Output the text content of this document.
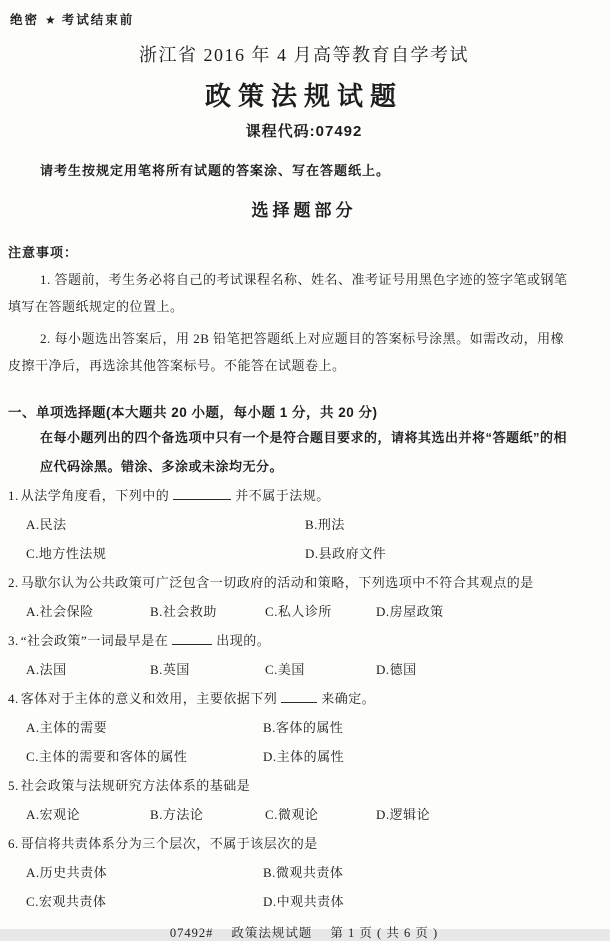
绝密 ★ 考试结束前
浙江省 2016 年 4 月高等教育自学考试
政策法规试题
课程代码:07492
请考生按规定用笔将所有试题的答案涂、写在答题纸上。
选择题部分
注意事项：
1. 答题前，考生务必将自己的考试课程名称、姓名、准考证号用黑色字迹的签字笔或钢笔
填写在答题纸规定的位置上。
2. 每小题选出答案后，用 2B 铅笔把答题纸上对应题目的答案标号涂黑。如需改动，用橡
皮擦干净后，再选涂其他答案标号。不能答在试题卷上。
一、单项选择题(本大题共 20 小题，每小题 1 分，共 20 分)
在每小题列出的四个备选项中只有一个是符合题目要求的，请将其选出并将“答题纸”的相
应代码涂黑。错涂、多涂或未涂均无分。
1. 从法学角度看，下列中的	并不属于法规。
A.民法	B.刑法
C.地方性法规	D.县政府文件
2. 马歇尔认为公共政策可广泛包含一切政府的活动和策略，下列选项中不符合其观点的是
A.社会保险	B.社会救助	C.私人诊所	D.房屋政策
3. “社会政策”一词最早是在	出现的。
A.法国	B.英国	C.美国	D.德国
4. 客体对于主体的意义和效用，主要依据下列	来确定。
A.主体的需要	B.客体的属性
C.主体的需要和客体的属性	D.主体的属性
5. 社会政策与法规研究方法体系的基础是
A.宏观论	B.方法论	C.微观论	D.逻辑论
6. 哥信将共责体系分为三个层次，不属于该层次的是
A.历史共责体	B.微观共责体
C.宏观共责体	D.中观共责体
07492# 政策法规试题 第 1 页 ( 共 6 页 )
